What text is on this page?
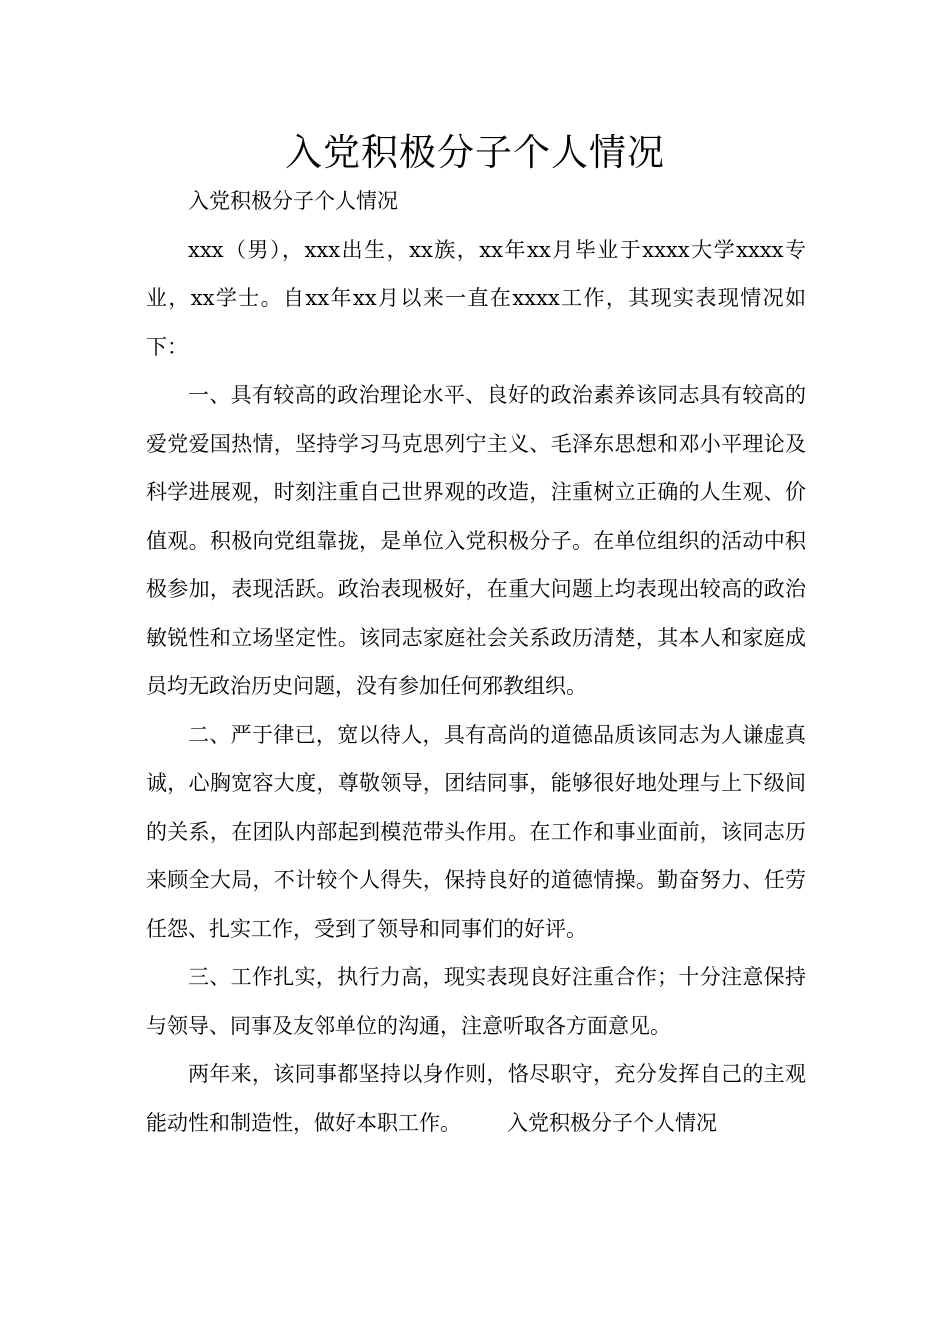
入党积极分子个人情况

入党积极分子个人情况

xxx（男），xxx出生，xx族，xx年xx月毕业于xxxx大学xxxx专业，xx学士。自xx年xx月以来一直在xxxx工作，其现实表现情况如下：

一、具有较高的政治理论水平、良好的政治素养该同志具有较高的爱党爱国热情，坚持学习马克思列宁主义、毛泽东思想和邓小平理论及科学进展观，时刻注重自己世界观的改造，注重树立正确的人生观、价值观。积极向党组靠拢，是单位入党积极分子。在单位组织的活动中积极参加，表现活跃。政治表现极好，在重大问题上均表现出较高的政治敏锐性和立场坚定性。该同志家庭社会关系政历清楚，其本人和家庭成员均无政治历史问题，没有参加任何邪教组织。

二、严于律已，宽以待人，具有高尚的道德品质该同志为人谦虚真诚，心胸宽容大度，尊敬领导，团结同事，能够很好地处理与上下级间的关系，在团队内部起到模范带头作用。在工作和事业面前，该同志历来顾全大局，不计较个人得失，保持良好的道德情操。勤奋努力、任劳任怨、扎实工作，受到了领导和同事们的好评。

三、工作扎实，执行力高，现实表现良好注重合作；十分注意保持与领导、同事及友邻单位的沟通，注意听取各方面意见。

两年来，该同事都坚持以身作则，恪尽职守，充分发挥自己的主观能动性和制造性，做好本职工作。 入党积极分子个人情况
